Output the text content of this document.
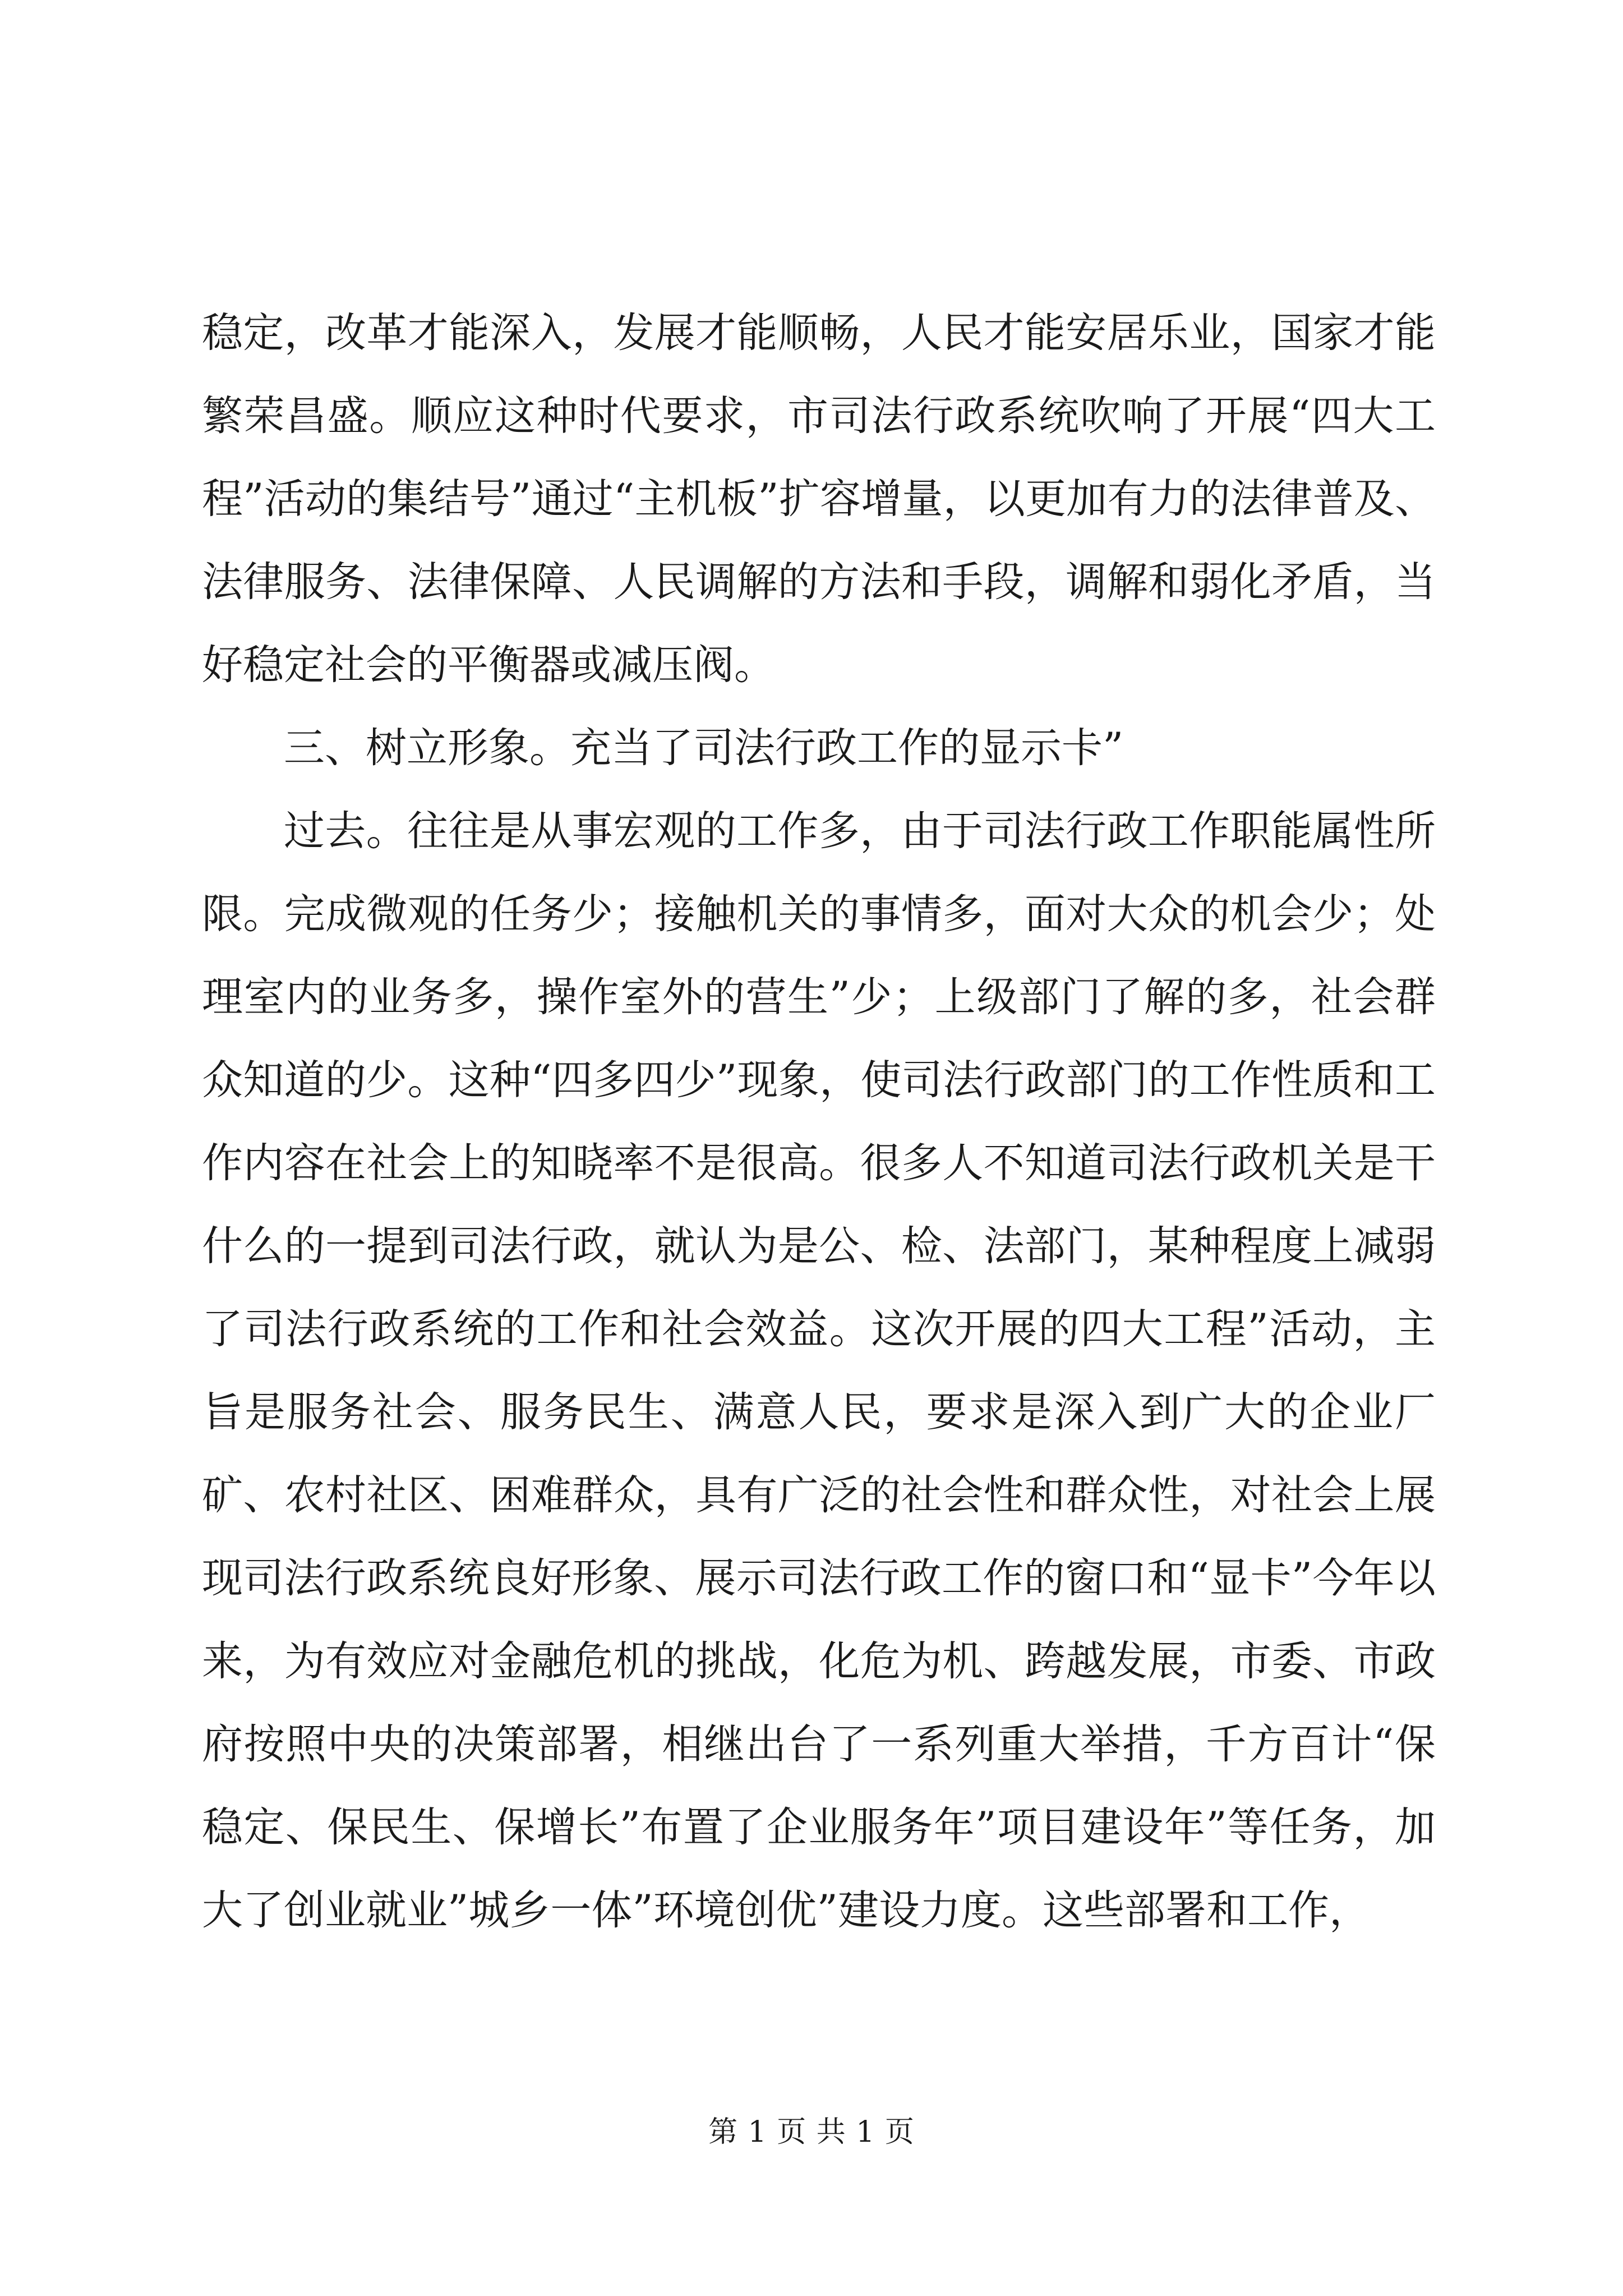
稳定，改革才能深入，发展才能顺畅，人民才能安居乐业，国家才能繁荣昌盛。顺应这种时代要求，市司法行政系统吹响了开展“四大工程”活动的集结号”通过“主机板”扩容增量，以更加有力的法律普及、法律服务、法律保障、人民调解的方法和手段，调解和弱化矛盾，当好稳定社会的平衡器或减压阀。

三、树立形象。充当了司法行政工作的显示卡”

过去。往往是从事宏观的工作多，由于司法行政工作职能属性所限。完成微观的任务少；接触机关的事情多，面对大众的机会少；处理室内的业务多，操作室外的营生”少；上级部门了解的多，社会群众知道的少。这种“四多四少”现象，使司法行政部门的工作性质和工作内容在社会上的知晓率不是很高。很多人不知道司法行政机关是干什么的一提到司法行政，就认为是公、检、法部门，某种程度上减弱了司法行政系统的工作和社会效益。这次开展的四大工程”活动，主旨是服务社会、服务民生、满意人民，要求是深入到广大的企业厂矿、农村社区、困难群众，具有广泛的社会性和群众性，对社会上展现司法行政系统良好形象、展示司法行政工作的窗口和“显卡”今年以来，为有效应对金融危机的挑战，化危为机、跨越发展，市委、市政府按照中央的决策部署，相继出台了一系列重大举措，千方百计“保稳定、保民生、保增长”布置了企业服务年”项目建设年”等任务，加大了创业就业”城乡一体”环境创优”建设力度。这些部署和工作，

第 1 页 共 1 页
